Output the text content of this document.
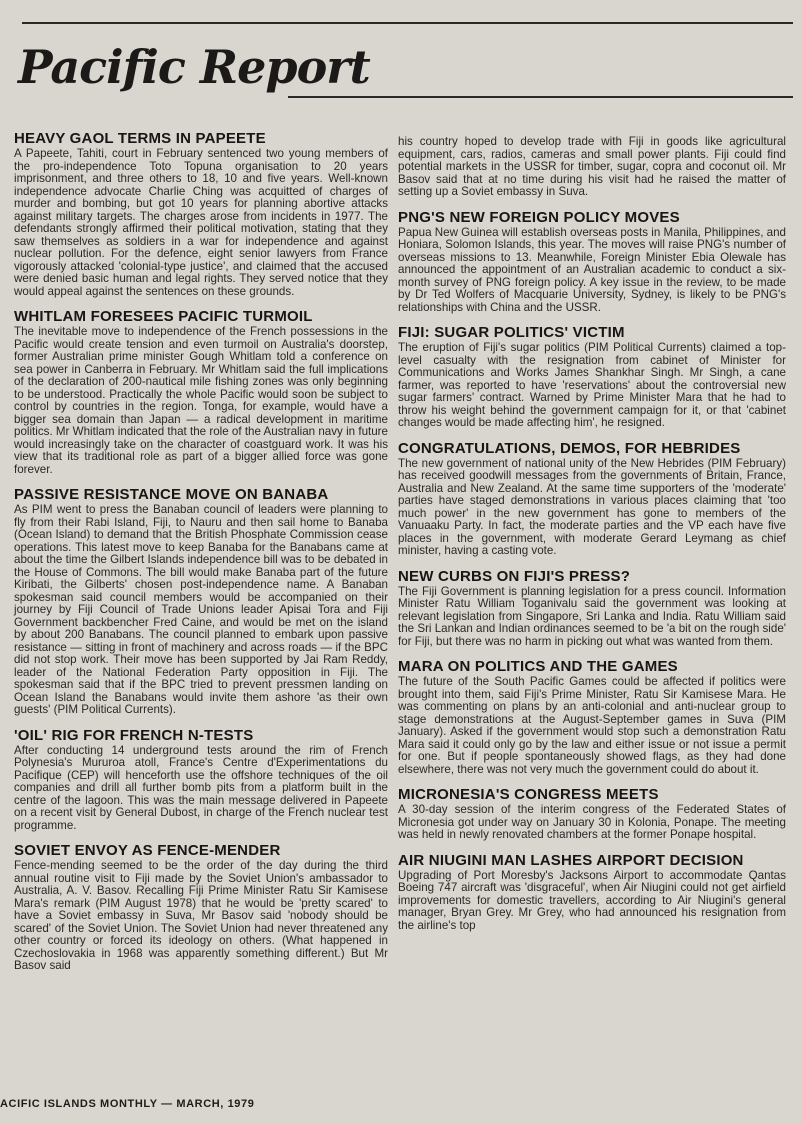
Pacific Report
HEAVY GAOL TERMS IN PAPEETE

A Papeete, Tahiti, court in February sentenced two young members of the pro-independence Toto Topuna organisation to 20 years imprisonment, and three others to 18, 10 and five years. Well-known independence advocate Charlie Ching was acquitted of charges of murder and bombing, but got 10 years for planning abortive attacks against military targets. The charges arose from incidents in 1977. The defendants strongly affirmed their political motivation, stating that they saw themselves as soldiers in a war for independence and against nuclear pollution. For the defence, eight senior lawyers from France vigorously attacked 'colonial-type justice', and claimed that the accused were denied basic human and legal rights. They served notice that they would appeal against the sentences on these grounds.

WHITLAM FORESEES PACIFIC TURMOIL

The inevitable move to independence of the French possessions in the Pacific would create tension and even turmoil on Australia's doorstep, former Australian prime minister Gough Whitlam told a conference on sea power in Canberra in February. Mr Whitlam said the full implications of the declaration of 200-nautical mile fishing zones was only beginning to be understood. Practically the whole Pacific would soon be subject to control by countries in the region. Tonga, for example, would have a bigger sea domain than Japan — a radical development in maritime politics. Mr Whitlam indicated that the role of the Australian navy in future would increasingly take on the character of coastguard work. It was his view that its traditional role as part of a bigger allied force was gone forever.

PASSIVE RESISTANCE MOVE ON BANABA

As PIM went to press the Banaban council of leaders were planning to fly from their Rabi Island, Fiji, to Nauru and then sail home to Banaba (Ocean Island) to demand that the British Phosphate Commission cease operations. This latest move to keep Banaba for the Banabans came at about the time the Gilbert Islands independence bill was to be debated in the House of Commons. The bill would make Banaba part of the future Kiribati, the Gilberts' chosen post-independence name. A Banaban spokesman said council members would be accompanied on their journey by Fiji Council of Trade Unions leader Apisai Tora and Fiji Government backbencher Fred Caine, and would be met on the island by about 200 Banabans. The council planned to embark upon passive resistance — sitting in front of machinery and across roads — if the BPC did not stop work. Their move has been supported by Jai Ram Reddy, leader of the National Federation Party opposition in Fiji. The spokesman said that if the BPC tried to prevent pressmen landing on Ocean Island the Banabans would invite them ashore 'as their own guests' (PIM Political Currents).

'OIL' RIG FOR FRENCH N-TESTS

After conducting 14 underground tests around the rim of French Polynesia's Mururoa atoll, France's Centre d'Experimentations du Pacifique (CEP) will henceforth use the offshore techniques of the oil companies and drill all further bomb pits from a platform built in the centre of the lagoon. This was the main message delivered in Papeete on a recent visit by General Dubost, in charge of the French nuclear test programme.

SOVIET ENVOY AS FENCE-MENDER

Fence-mending seemed to be the order of the day during the third annual routine visit to Fiji made by the Soviet Union's ambassador to Australia, A. V. Basov. Recalling Fiji Prime Minister Ratu Sir Kamisese Mara's remark (PIM August 1978) that he would be 'pretty scared' to have a Soviet embassy in Suva, Mr Basov said 'nobody should be scared' of the Soviet Union. The Soviet Union had never threatened any other country or forced its ideology on others. (What happened in Czechoslovakia in 1968 was apparently something different.) But Mr Basov said

his country hoped to develop trade with Fiji in goods like agricultural equipment, cars, radios, cameras and small power plants. Fiji could find potential markets in the USSR for timber, sugar, copra and coconut oil. Mr Basov said that at no time during his visit had he raised the matter of setting up a Soviet embassy in Suva.

PNG'S NEW FOREIGN POLICY MOVES

Papua New Guinea will establish overseas posts in Manila, Philippines, and Honiara, Solomon Islands, this year. The moves will raise PNG's number of overseas missions to 13. Meanwhile, Foreign Minister Ebia Olewale has announced the appointment of an Australian academic to conduct a six-month survey of PNG foreign policy. A key issue in the review, to be made by Dr Ted Wolfers of Macquarie University, Sydney, is likely to be PNG's relationships with China and the USSR.

FIJI: SUGAR POLITICS' VICTIM

The eruption of Fiji's sugar politics (PIM Political Currents) claimed a top-level casualty with the resignation from cabinet of Minister for Communications and Works James Shankhar Singh. Mr Singh, a cane farmer, was reported to have 'reservations' about the controversial new sugar farmers' contract. Warned by Prime Minister Mara that he had to throw his weight behind the government campaign for it, or that 'cabinet changes would be made affecting him', he resigned.

CONGRATULATIONS, DEMOS, FOR HEBRIDES

The new government of national unity of the New Hebrides (PIM February) has received goodwill messages from the governments of Britain, France, Australia and New Zealand. At the same time supporters of the 'moderate' parties have staged demonstrations in various places claiming that 'too much power' in the new government has gone to members of the Vanuaaku Party. In fact, the moderate parties and the VP each have five places in the government, with moderate Gerard Leymang as chief minister, having a casting vote.

NEW CURBS ON FIJI'S PRESS?

The Fiji Government is planning legislation for a press council. Information Minister Ratu William Toganivalu said the government was looking at relevant legislation from Singapore, Sri Lanka and India. Ratu William said the Sri Lankan and Indian ordinances seemed to be 'a bit on the rough side' for Fiji, but there was no harm in picking out what was wanted from them.

MARA ON POLITICS AND THE GAMES

The future of the South Pacific Games could be affected if politics were brought into them, said Fiji's Prime Minister, Ratu Sir Kamisese Mara. He was commenting on plans by an anti-colonial and anti-nuclear group to stage demonstrations at the August-September games in Suva (PIM January). Asked if the government would stop such a demonstration Ratu Mara said it could only go by the law and either issue or not issue a permit for one. But if people spontaneously showed flags, as they had done elsewhere, there was not very much the government could do about it.

MICRONESIA'S CONGRESS MEETS

A 30-day session of the interim congress of the Federated States of Micronesia got under way on January 30 in Kolonia, Ponape. The meeting was held in newly renovated chambers at the former Ponape hospital.

AIR NIUGINI MAN LASHES AIRPORT DECISION

Upgrading of Port Moresby's Jacksons Airport to accommodate Qantas Boeing 747 aircraft was 'disgraceful', when Air Niugini could not get airfield improvements for domestic travellers, according to Air Niugini's general manager, Bryan Grey. Mr Grey, who had announced his resignation from the airline's top

ACIFIC ISLANDS MONTHLY — MARCH, 1979
